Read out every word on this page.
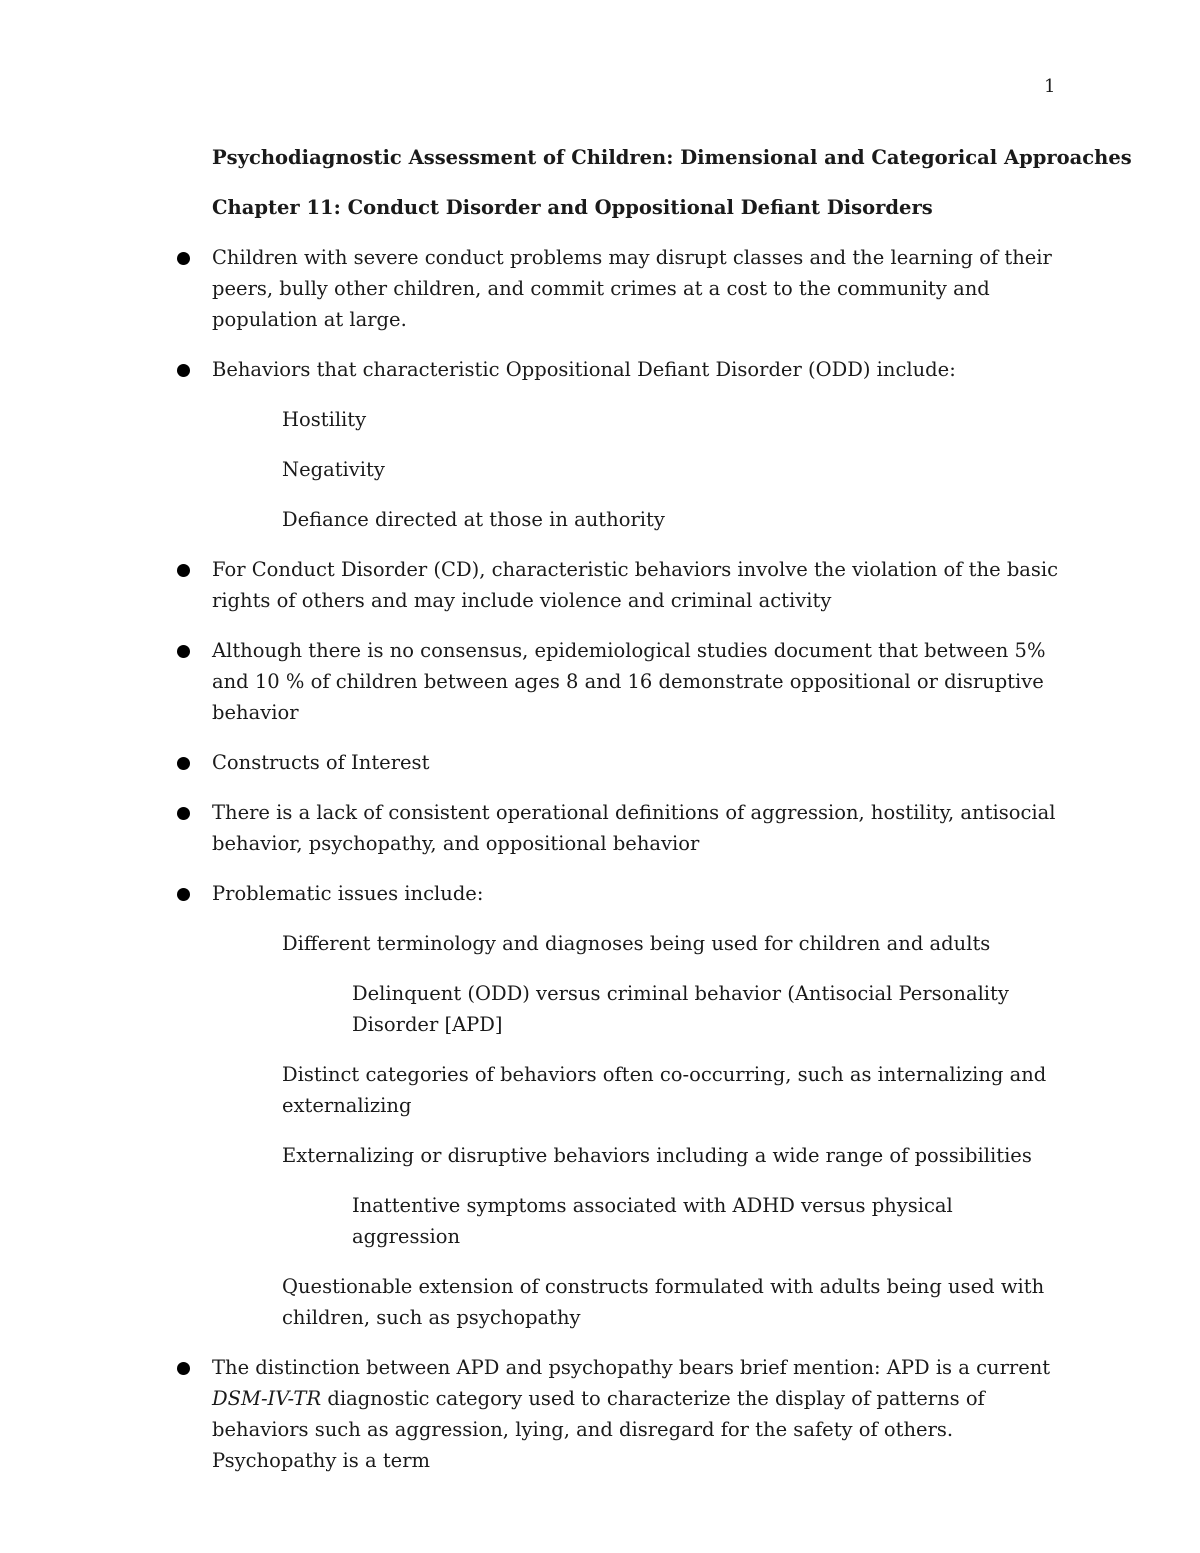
1

Psychodiagnostic Assessment of Children: Dimensional and Categorical Approaches

Chapter 11: Conduct Disorder and Oppositional Defiant Disorders

Children with severe conduct problems may disrupt classes and the learning of their peers, bully other children, and commit crimes at a cost to the community and population at large.
Behaviors that characteristic Oppositional Defiant Disorder (ODD) include:
Hostility
Negativity
Defiance directed at those in authority
For Conduct Disorder (CD), characteristic behaviors involve the violation of the basic rights of others and may include violence and criminal activity
Although there is no consensus, epidemiological studies document that between 5% and 10 % of children between ages 8 and 16 demonstrate oppositional or disruptive behavior
Constructs of Interest
There is a lack of consistent operational definitions of aggression, hostility, antisocial behavior, psychopathy, and oppositional behavior
Problematic issues include:
Different terminology and diagnoses being used for children and adults
Delinquent (ODD) versus criminal behavior (Antisocial Personality Disorder [APD]
Distinct categories of behaviors often co-occurring, such as internalizing and externalizing
Externalizing or disruptive behaviors including a wide range of possibilities
Inattentive symptoms associated with ADHD versus physical aggression
Questionable extension of constructs formulated with adults being used with children, such as psychopathy
The distinction between APD and psychopathy bears brief mention: APD is a current DSM-IV-TR diagnostic category used to characterize the display of patterns of behaviors such as aggression, lying, and disregard for the safety of others. Psychopathy is a term
